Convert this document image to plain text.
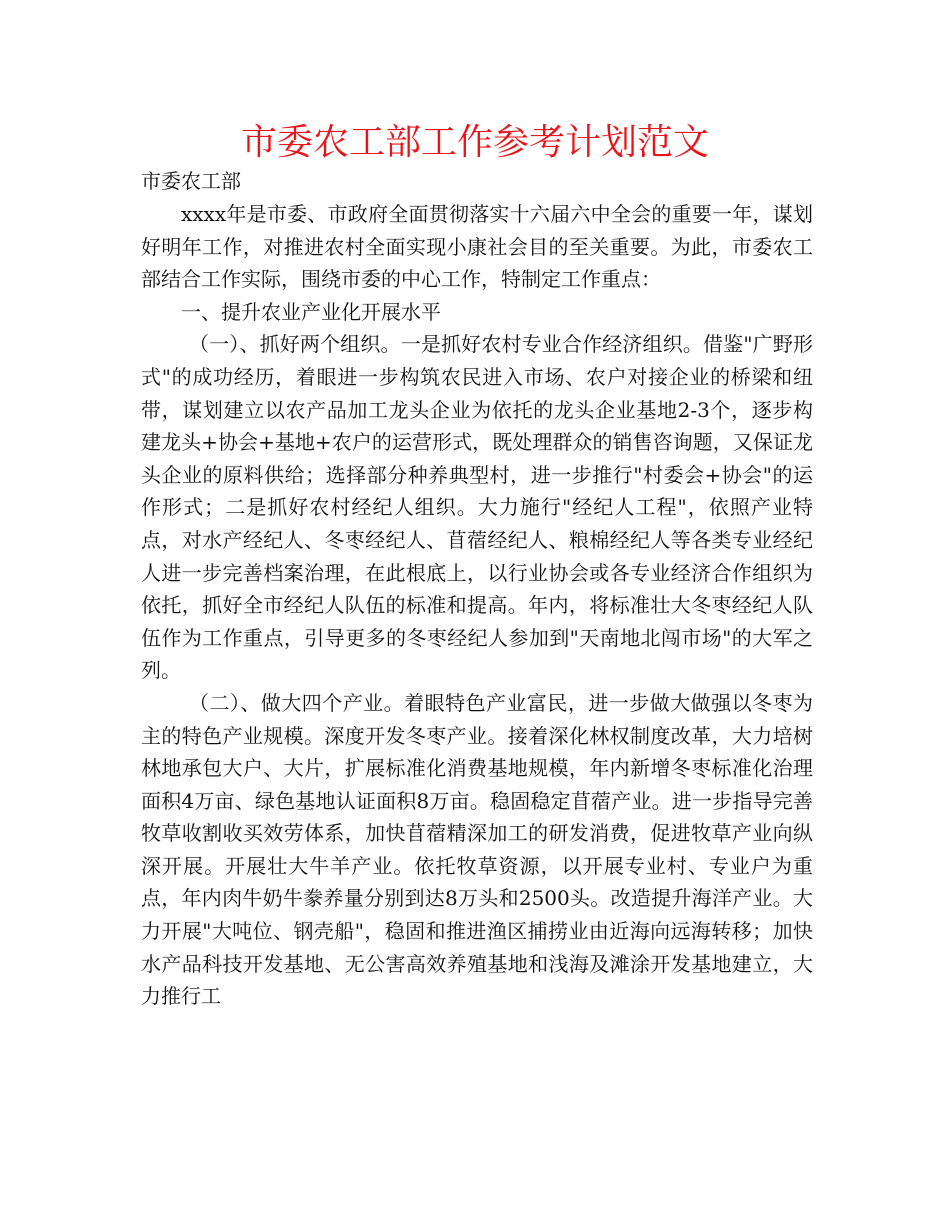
市委农工部工作参考计划范文
市委农工部

xxxx年是市委、市政府全面贯彻落实十六届六中全会的重要一年，谋划好明年工作，对推进农村全面实现小康社会目的至关重要。为此，市委农工部结合工作实际，围绕市委的中心工作，特制定工作重点：

一、提升农业产业化开展水平

（一）、抓好两个组织。一是抓好农村专业合作经济组织。借鉴"广野形式"的成功经历，着眼进一步构筑农民进入市场、农户对接企业的桥梁和纽带，谋划建立以农产品加工龙头企业为依托的龙头企业基地2-3个，逐步构建龙头+协会+基地+农户的运营形式，既处理群众的销售咨询题，又保证龙头企业的原料供给；选择部分种养典型村，进一步推行"村委会+协会"的运作形式；二是抓好农村经纪人组织。大力施行"经纪人工程"，依照产业特点，对水产经纪人、冬枣经纪人、苜蓿经纪人、粮棉经纪人等各类专业经纪人进一步完善档案治理，在此根底上，以行业协会或各专业经济合作组织为依托，抓好全市经纪人队伍的标准和提高。年内，将标准壮大冬枣经纪人队伍作为工作重点，引导更多的冬枣经纪人参加到"天南地北闯市场"的大军之列。

（二）、做大四个产业。着眼特色产业富民，进一步做大做强以冬枣为主的特色产业规模。深度开发冬枣产业。接着深化林权制度改革，大力培树林地承包大户、大片，扩展标准化消费基地规模，年内新增冬枣标准化治理面积4万亩、绿色基地认证面积8万亩。稳固稳定苜蓿产业。进一步指导完善牧草收割收买效劳体系，加快苜蓿精深加工的研发消费，促进牧草产业向纵深开展。开展壮大牛羊产业。依托牧草资源，以开展专业村、专业户为重点，年内肉牛奶牛豢养量分别到达8万头和2500头。改造提升海洋产业。大力开展"大吨位、钢壳船"，稳固和推进渔区捕捞业由近海向远海转移；加快水产品科技开发基地、无公害高效养殖基地和浅海及滩涂开发基地建立，大力推行工
